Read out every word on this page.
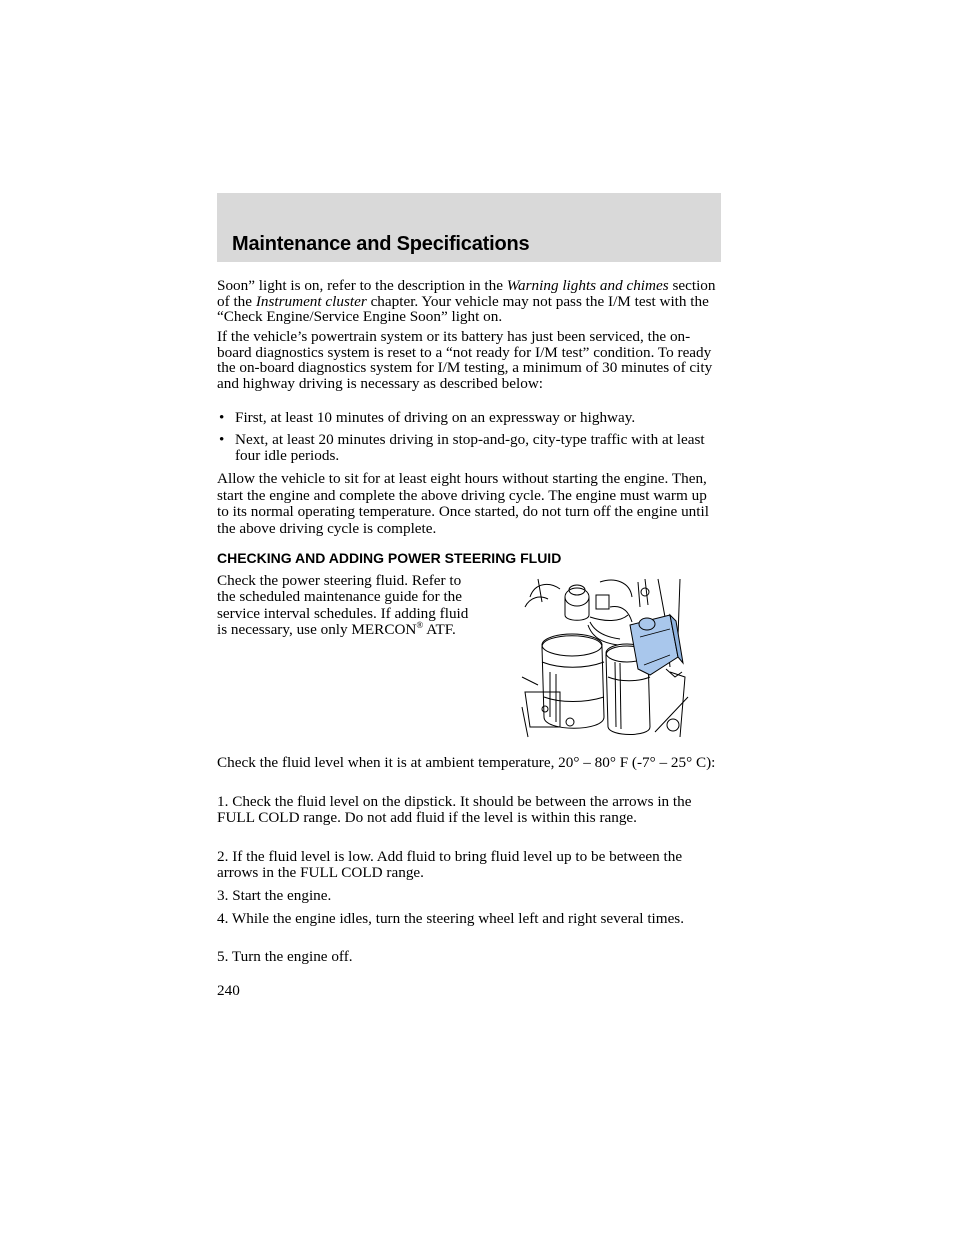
Maintenance and Specifications

Soon” light is on, refer to the description in the Warning lights and chimes section of the Instrument cluster chapter. Your vehicle may not pass the I/M test with the “Check Engine/Service Engine Soon” light on.

If the vehicle’s powertrain system or its battery has just been serviced, the on-board diagnostics system is reset to a “not ready for I/M test” condition. To ready the on-board diagnostics system for I/M testing, a minimum of 30 minutes of city and highway driving is necessary as described below:

• First, at least 10 minutes of driving on an expressway or highway.
• Next, at least 20 minutes driving in stop-and-go, city-type traffic with at least four idle periods.

Allow the vehicle to sit for at least eight hours without starting the engine. Then, start the engine and complete the above driving cycle. The engine must warm up to its normal operating temperature. Once started, do not turn off the engine until the above driving cycle is complete.

CHECKING AND ADDING POWER STEERING FLUID

Check the power steering fluid. Refer to the scheduled maintenance guide for the service interval schedules. If adding fluid is necessary, use only MERCON® ATF.

Check the fluid level when it is at ambient temperature, 20° – 80° F (-7° – 25° C):

1. Check the fluid level on the dipstick. It should be between the arrows in the FULL COLD range. Do not add fluid if the level is within this range.

2. If the fluid level is low. Add fluid to bring fluid level up to be between the arrows in the FULL COLD range.

3. Start the engine.

4. While the engine idles, turn the steering wheel left and right several times.

5. Turn the engine off.

240
